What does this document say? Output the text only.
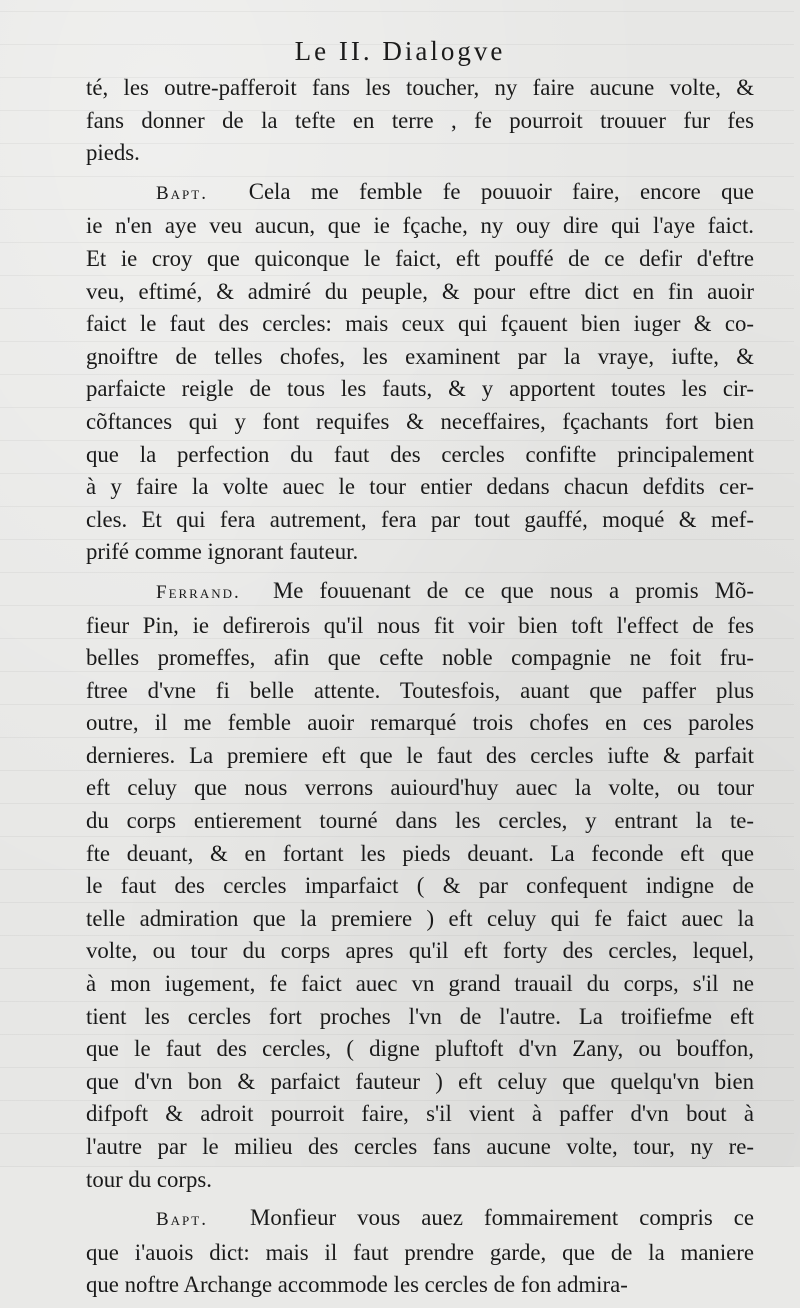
Le II. Dialogve
té, les outre-pafferoit fans les toucher, ny faire aucune volte, &
fans donner de la tefte en terre , fe pourroit trouuer fur fes
pieds.
Bapt. Cela me femble fe pouuoir faire, encore que
ie n'en aye veu aucun, que ie fçache, ny ouy dire qui l'aye faict.
Et ie croy que quiconque le faict, eft pouffé de ce defir d'eftre
veu, eftimé, & admiré du peuple, & pour eftre dict en fin auoir
faict le faut des cercles: mais ceux qui fçauent bien iuger & co-
gnoiftre de telles chofes, les examinent par la vraye, iufte, &
parfaicte reigle de tous les fauts, & y apportent toutes les cir-
cõftances qui y font requifes & neceffaires, fçachants fort bien
que la perfection du faut des cercles confifte principalement
à y faire la volte auec le tour entier dedans chacun defdits cer-
cles. Et qui fera autrement, fera par tout gauffé, moqué & mef-
prifé comme ignorant fauteur.
Ferrand. Me fouuenant de ce que nous a promis Mõ-
fieur Pin, ie defirerois qu'il nous fit voir bien toft l'effect de fes
belles promeffes, afin que cefte noble compagnie ne foit fru-
ftree d'vne fi belle attente. Toutesfois, auant que paffer plus
outre, il me femble auoir remarqué trois chofes en ces paroles
dernieres. La premiere eft que le faut des cercles iufte & parfait
eft celuy que nous verrons auiourd'huy auec la volte, ou tour
du corps entierement tourné dans les cercles, y entrant la te-
fte deuant, & en fortant les pieds deuant. La feconde eft que
le faut des cercles imparfaict ( & par confequent indigne de
telle admiration que la premiere ) eft celuy qui fe faict auec la
volte, ou tour du corps apres qu'il eft forty des cercles, lequel,
à mon iugement, fe faict auec vn grand trauail du corps, s'il ne
tient les cercles fort proches l'vn de l'autre. La troifiefme eft
que le faut des cercles, ( digne pluftoft d'vn Zany, ou bouffon,
que d'vn bon & parfaict fauteur ) eft celuy que quelqu'vn bien
difpoft & adroit pourroit faire, s'il vient à paffer d'vn bout à
l'autre par le milieu des cercles fans aucune volte, tour, ny re-
tour du corps.
Bapt. Monfieur vous auez fommairement compris ce
que i'auois dict: mais il faut prendre garde, que de la maniere
que noftre Archange accommode les cercles de fon admira-
